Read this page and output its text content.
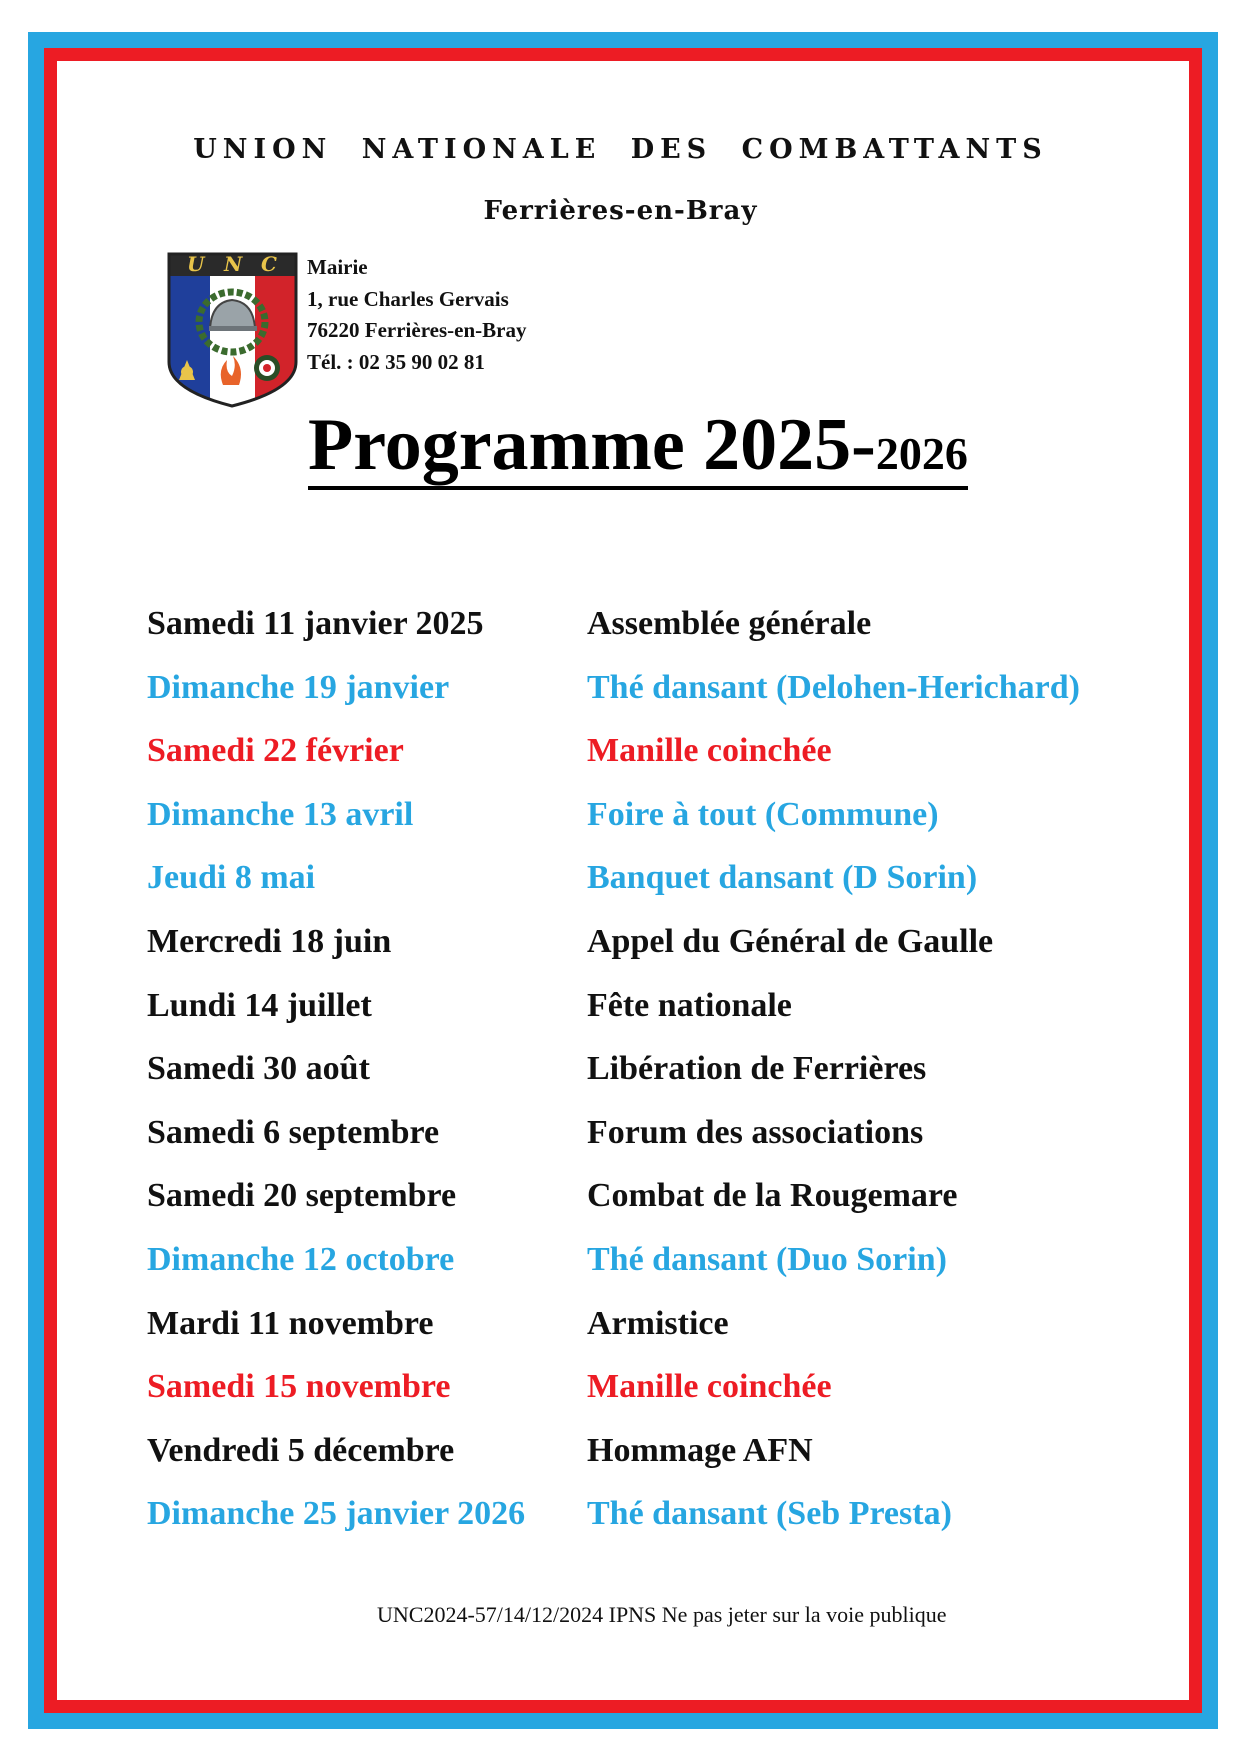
UNION NATIONALE DES COMBATTANTS
Ferrières-en-Bray
U N C Mairie
1, rue Charles Gervais
76220 Ferrières-en-Bray
Tél. : 02 35 90 02 81
Programme 2025-2026
Samedi 11 janvier 2025	Assemblée générale
Dimanche 19 janvier	Thé dansant (Delohen-Herichard)
Samedi 22 février	Manille coinchée
Dimanche 13 avril	Foire à tout (Commune)
Jeudi 8 mai	Banquet dansant (D Sorin)
Mercredi 18 juin	Appel du Général de Gaulle
Lundi 14 juillet	Fête nationale
Samedi 30 août	Libération de Ferrières
Samedi 6 septembre	Forum des associations
Samedi 20 septembre	Combat de la Rougemare
Dimanche 12 octobre	Thé dansant (Duo Sorin)
Mardi 11 novembre	Armistice
Samedi 15 novembre	Manille coinchée
Vendredi 5 décembre	Hommage AFN
Dimanche 25 janvier 2026 Thé dansant (Seb Presta)
UNC2024-57/14/12/2024 IPNS Ne pas jeter sur la voie publique
